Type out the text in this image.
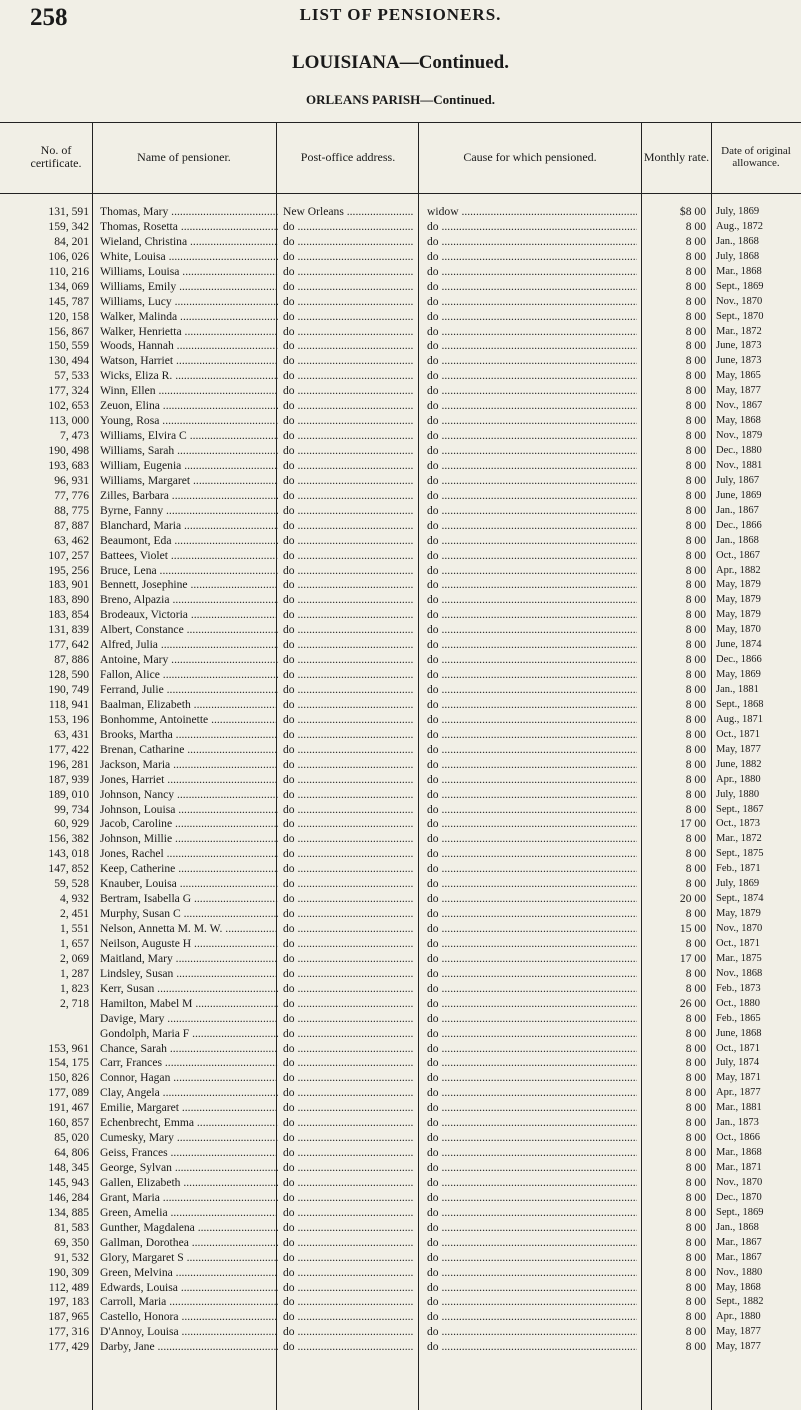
258	LIST OF PENSIONERS.
LOUISIANA—Continued.
ORLEANS PARISH—Continued.
No. of certificate.	Name of pensioner.	Post-office address.	Cause for which pensioned.	Monthly rate.	Date of original allowance.
131, 591 Thomas, Mary .....	New Orleans .....	widow .....	$8 00 July, 1869
159, 342 Thomas, Rosetta .....	do .....	do .....	8 00 Aug., 1872
84, 201 Wieland, Christina .....	do .....	do .....	8 00 Jan., 1868
106, 026 White, Louisa .....	do .....	do .....	8 00 July, 1868
110, 216 Williams, Louisa .....	do .....	do .....	8 00 Mar., 1868
134, 069 Williams, Emily .....	do .....	do .....	8 00 Sept., 1869
145, 787 Williams, Lucy .....	do .....	do .....	8 00 Nov., 1870
120, 158 Walker, Malinda .....	do .....	do .....	8 00 Sept., 1870
156, 867 Walker, Henrietta .....	do .....	do .....	8 00 Mar., 1872
150, 559 Woods, Hannah .....	do .....	do .....	8 00 June, 1873
130, 494 Watson, Harriet .....	do .....	do .....	8 00 June, 1873
57, 533 Wicks, Eliza R. .....	do .....	do .....	8 00 May, 1865
177, 324 Winn, Ellen .....	do .....	do .....	8 00 May, 1877
102, 653 Zeuon, Elina .....	do .....	do .....	8 00 Nov., 1867
113, 000 Young, Rosa .....	do .....	do .....	8 00 May, 1868
7, 473 Williams, Elvira C .....	do .....	do .....	8 00 Nov., 1879
190, 498 Williams, Sarah .....	do .....	do .....	8 00 Dec., 1880
193, 683 William, Eugenia .....	do .....	do .....	8 00 Nov., 1881
96, 931 Williams, Margaret .....	do .....	do .....	8 00 July, 1867
77, 776 Zilles, Barbara .....	do .....	do .....	8 00 June, 1869
88, 775 Byrne, Fanny .....	do .....	do .....	8 00 Jan., 1867
87, 887 Blanchard, Maria .....	do .....	do .....	8 00 Dec., 1866
63, 462 Beaumont, Eda .....	do .....	do .....	8 00 Jan., 1868
107, 257 Battees, Violet .....	do .....	do .....	8 00 Oct., 1867
195, 256 Bruce, Lena .....	do .....	do .....	8 00 Apr., 1882
183, 901 Bennett, Josephine .....	do .....	do .....	8 00 May, 1879
183, 890 Breno, Alpazia .....	do .....	do .....	8 00 May, 1879
183, 854 Brodeaux, Victoria .....	do .....	do .....	8 00 May, 1879
131, 839 Albert, Constance .....	do .....	do .....	8 00 May, 1870
177, 642 Alfred, Julia .....	do .....	do .....	8 00 June, 1874
87, 886 Antoine, Mary .....	do .....	do .....	8 00 Dec., 1866
128, 590 Fallon, Alice .....	do .....	do .....	8 00 May, 1869
190, 749 Ferrand, Julie .....	do .....	do .....	8 00 Jan., 1881
118, 941 Baalman, Elizabeth .....	do .....	do .....	8 00 Sept., 1868
153, 196 Bonhomme, Antoinette .....	do .....	do .....	8 00 Aug., 1871
63, 431 Brooks, Martha .....	do .....	do .....	8 00 Oct., 1871
177, 422 Brenan, Catharine .....	do .....	do .....	8 00 May, 1877
196, 281 Jackson, Maria .....	do .....	do .....	8 00 June, 1882
187, 939 Jones, Harriet .....	do .....	do .....	8 00 Apr., 1880
189, 010 Johnson, Nancy .....	do .....	do .....	8 00 July, 1880
99, 734 Johnson, Louisa .....	do .....	do .....	8 00 Sept., 1867
60, 929 Jacob, Caroline .....	do .....	do .....	17 00 Oct., 1873
156, 382 Johnson, Millie .....	do .....	do .....	8 00 Mar., 1872
143, 018 Jones, Rachel .....	do .....	do .....	8 00 Sept., 1875
147, 852 Keep, Catherine .....	do .....	do .....	8 00 Feb., 1871
59, 528 Knauber, Louisa .....	do .....	do .....	8 00 July, 1869
4, 932 Bertram, Isabella G .....	do .....	do .....	20 00 Sept., 1874
2, 451 Murphy, Susan C .....	do .....	do .....	8 00 May, 1879
1, 551 Nelson, Annetta M. M. W. .....	do .....	do .....	15 00 Nov., 1870
1, 657 Neilson, Auguste H .....	do .....	do .....	8 00 Oct., 1871
2, 069 Maitland, Mary .....	do .....	do .....	17 00 Mar., 1875
1, 287 Lindsley, Susan .....	do .....	do .....	8 00 Nov., 1868
1, 823 Kerr, Susan .....	do .....	do .....	8 00 Feb., 1873
2, 718 Hamilton, Mabel M .....	do .....	do .....	26 00 Oct., 1880
Davige, Mary .....	do .....	do .....	8 00 Feb., 1865
Gondolph, Maria F .....	do .....	do .....	8 00 June, 1868
153, 961 Chance, Sarah .....	do .....	do .....	8 00 Oct., 1871
154, 175 Carr, Frances .....	do .....	do .....	8 00 July, 1874
150, 826 Connor, Hagan .....	do .....	do .....	8 00 May, 1871
177, 089 Clay, Angela .....	do .....	do .....	8 00 Apr., 1877
191, 467 Emilie, Margaret .....	do .....	do .....	8 00 Mar., 1881
160, 857 Echenbrecht, Emma .....	do .....	do .....	8 00 Jan., 1873
85, 020 Cumesky, Mary .....	do .....	do .....	8 00 Oct., 1866
64, 806 Geiss, Frances .....	do .....	do .....	8 00 Mar., 1868
148, 345 George, Sylvan .....	do .....	do .....	8 00 Mar., 1871
145, 943 Gallen, Elizabeth .....	do .....	do .....	8 00 Nov., 1870
146, 284 Grant, Maria .....	do .....	do .....	8 00 Dec., 1870
134, 885 Green, Amelia .....	do .....	do .....	8 00 Sept., 1869
81, 583 Gunther, Magdalena .....	do .....	do .....	8 00 Jan., 1868
69, 350 Gallman, Dorothea .....	do .....	do .....	8 00 Mar., 1867
91, 532 Glory, Margaret S .....	do .....	do .....	8 00 Mar., 1867
190, 309 Green, Melvina .....	do .....	do .....	8 00 Nov., 1880
112, 489 Edwards, Louisa .....	do .....	do .....	8 00 May, 1868
197, 183 Carroll, Maria .....	do .....	do .....	8 00 Sept., 1882
187, 965 Castello, Honora .....	do .....	do .....	8 00 Apr., 1880
177, 316 D'Annoy, Louisa .....	do .....	do .....	8 00 May, 1877
177, 429 Darby, Jane .....	do .....	do .....	8 00 May, 1877
